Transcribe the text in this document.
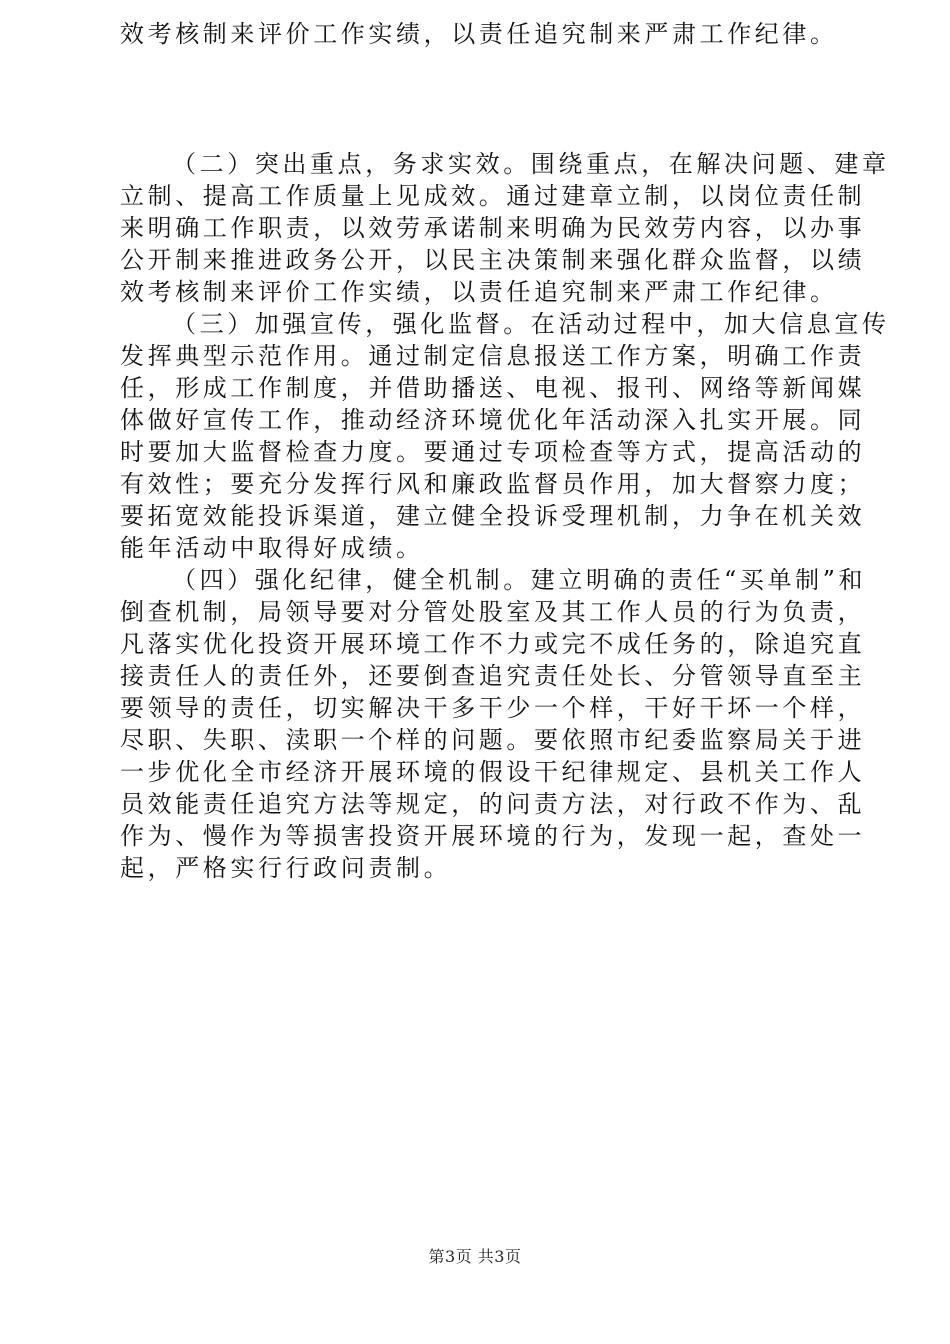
效考核制来评价工作实绩，以责任追究制来严肃工作纪律。
（二）突出重点，务求实效。围绕重点，在解决问题、建章
立制、提高工作质量上见成效。通过建章立制，以岗位责任制
来明确工作职责，以效劳承诺制来明确为民效劳内容，以办事
公开制来推进政务公开，以民主决策制来强化群众监督，以绩
效考核制来评价工作实绩，以责任追究制来严肃工作纪律。
（三）加强宣传，强化监督。在活动过程中，加大信息宣传
发挥典型示范作用。通过制定信息报送工作方案，明确工作责
任，形成工作制度，并借助播送、电视、报刊、网络等新闻媒
体做好宣传工作，推动经济环境优化年活动深入扎实开展。同
时要加大监督检查力度。要通过专项检查等方式，提高活动的
有效性；要充分发挥行风和廉政监督员作用，加大督察力度；
要拓宽效能投诉渠道，建立健全投诉受理机制，力争在机关效
能年活动中取得好成绩。
（四）强化纪律，健全机制。建立明确的责任“买单制”和
倒查机制，局领导要对分管处股室及其工作人员的行为负责，
凡落实优化投资开展环境工作不力或完不成任务的，除追究直
接责任人的责任外，还要倒查追究责任处长、分管领导直至主
要领导的责任，切实解决干多干少一个样，干好干坏一个样，
尽职、失职、渎职一个样的问题。要依照市纪委监察局关于进
一步优化全市经济开展环境的假设干纪律规定、县机关工作人
员效能责任追究方法等规定，的问责方法，对行政不作为、乱
作为、慢作为等损害投资开展环境的行为，发现一起，查处一
起，严格实行行政问责制。
第3页 共3页
